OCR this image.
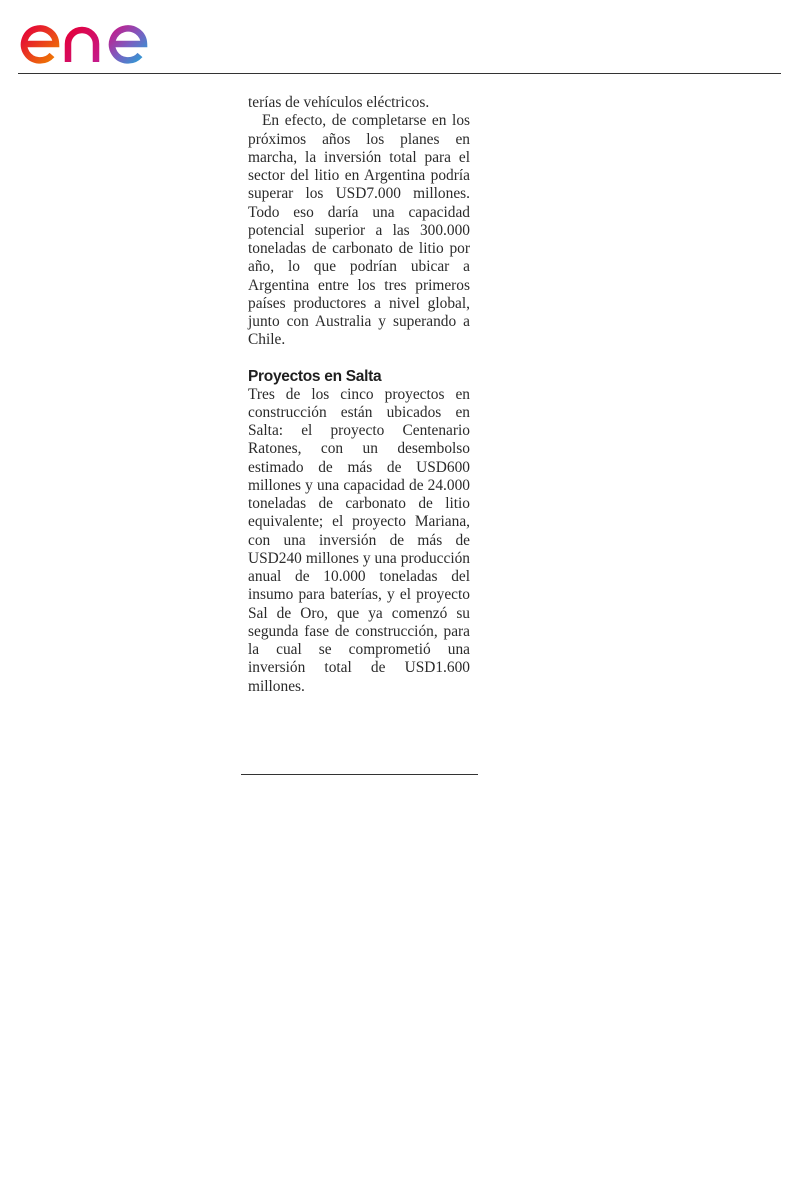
terías de vehículos eléctricos.

En efecto, de completarse en los próximos años los planes en marcha, la inversión total para el sector del litio en Argentina podría superar los USD7.000 millones. Todo eso daría una capacidad potencial superior a las 300.000 toneladas de carbonato de litio por año, lo que podrían ubicar a Argentina entre los tres primeros países productores a nivel global, junto con Australia y superando a Chile.

Proyectos en Salta

Tres de los cinco proyectos en construcción están ubicados en Salta: el proyecto Centenario Ratones, con un desembolso estimado de más de USD600 millones y una capacidad de 24.000 toneladas de carbonato de litio equivalente; el proyecto Mariana, con una inversión de más de USD240 millones y una producción anual de 10.000 toneladas del insumo para baterías, y el proyecto Sal de Oro, que ya comenzó su segunda fase de construcción, para la cual se comprometió una inversión total de USD1.600 millones.
